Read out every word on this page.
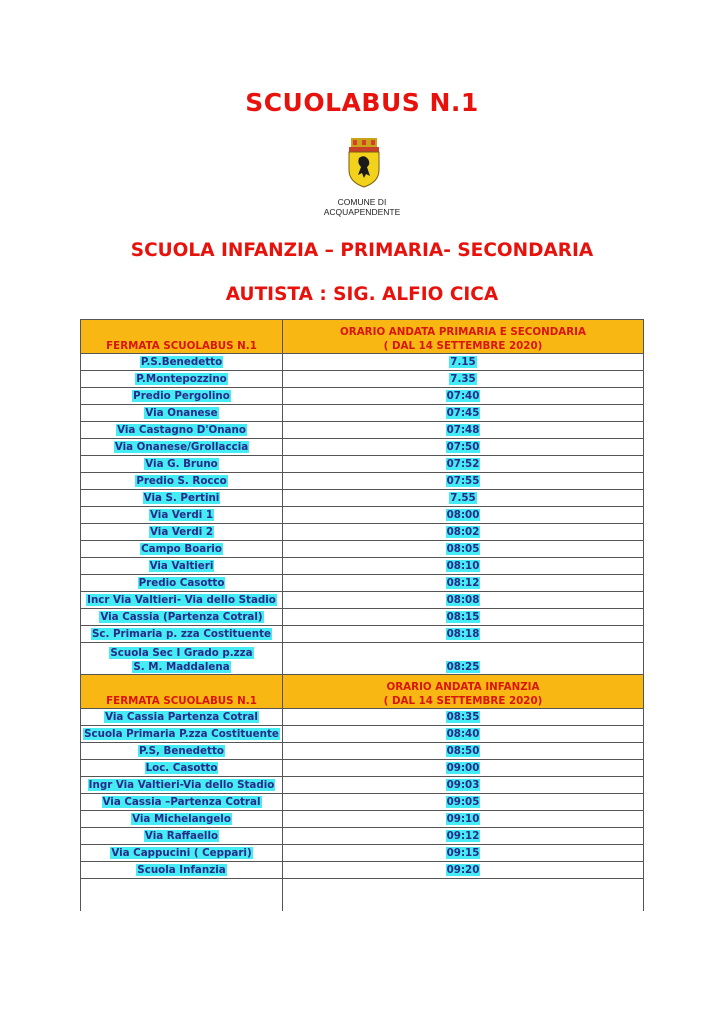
SCUOLABUS N.1
COMUNE DI
ACQUAPENDENTE
SCUOLA INFANZIA – PRIMARIA- SECONDARIA
AUTISTA : SIG. ALFIO CICA
FERMATA SCUOLABUS N.1	ORARIO ANDATA PRIMARIA E SECONDARIA
( DAL 14 SETTEMBRE 2020)

P.S.Benedetto	7.15
P.Montepozzino	7.35
Predio Pergolino	07:40
Via Onanese	07:45
Via Castagno D'Onano	07:48
Via Onanese/Grollaccia	07:50
Via G. Bruno	07:52
Predio S. Rocco	07:55
Via S. Pertini	7.55
Via Verdi 1	08:00
Via Verdi 2	08:02
Campo Boario	08:05
Via Valtieri	08:10
Predio Casotto	08:12
Incr Via Valtieri- Via dello Stadio	08:08
Via Cassia (Partenza Cotral)	08:15
Sc. Primaria p. zza Costituente	08:18
Scuola Sec I Grado p.zza
S. M. Maddalena	08:25
FERMATA SCUOLABUS N.1	ORARIO ANDATA INFANZIA
( DAL 14 SETTEMBRE 2020)

Via Cassia Partenza Cotral	08:35
Scuola Primaria P.zza Costituente	08:40
P.S, Benedetto	08:50
Loc. Casotto	09:00
Ingr Via Valtieri-Via dello Stadio	09:03
Via Cassia –Partenza Cotral	09:05
Via Michelangelo	09:10
Via Raffaello	09:12
Via Cappucini ( Ceppari)	09:15
Scuola Infanzia	09:20
